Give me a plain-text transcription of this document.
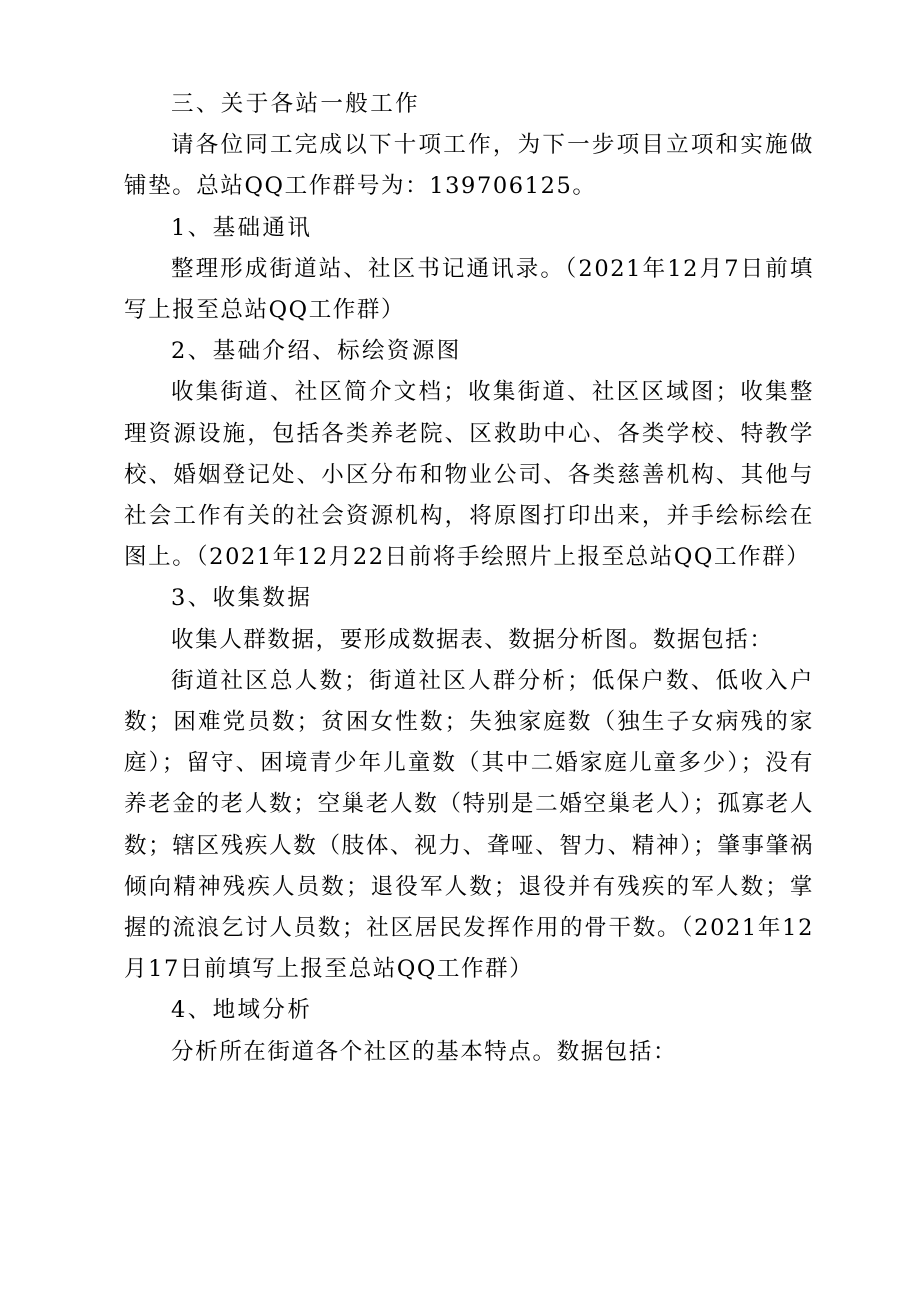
三、关于各站一般工作

请各位同工完成以下十项工作，为下一步项目立项和实施做铺垫。总站QQ工作群号为：139706125。

1、基础通讯

整理形成街道站、社区书记通讯录。（2021年12月7日前填写上报至总站QQ工作群）

2、基础介绍、标绘资源图

收集街道、社区简介文档；收集街道、社区区域图；收集整理资源设施，包括各类养老院、区救助中心、各类学校、特教学校、婚姻登记处、小区分布和物业公司、各类慈善机构、其他与社会工作有关的社会资源机构，将原图打印出来，并手绘标绘在图上。（2021年12月22日前将手绘照片上报至总站QQ工作群）

3、收集数据

收集人群数据，要形成数据表、数据分析图。数据包括：

街道社区总人数；街道社区人群分析；低保户数、低收入户数；困难党员数；贫困女性数；失独家庭数（独生子女病残的家庭）；留守、困境青少年儿童数（其中二婚家庭儿童多少）；没有养老金的老人数；空巢老人数（特别是二婚空巢老人）；孤寡老人数；辖区残疾人数（肢体、视力、聋哑、智力、精神）；肇事肇祸倾向精神残疾人员数；退役军人数；退役并有残疾的军人数；掌握的流浪乞讨人员数；社区居民发挥作用的骨干数。（2021年12月17日前填写上报至总站QQ工作群）

4、地域分析

分析所在街道各个社区的基本特点。数据包括：
